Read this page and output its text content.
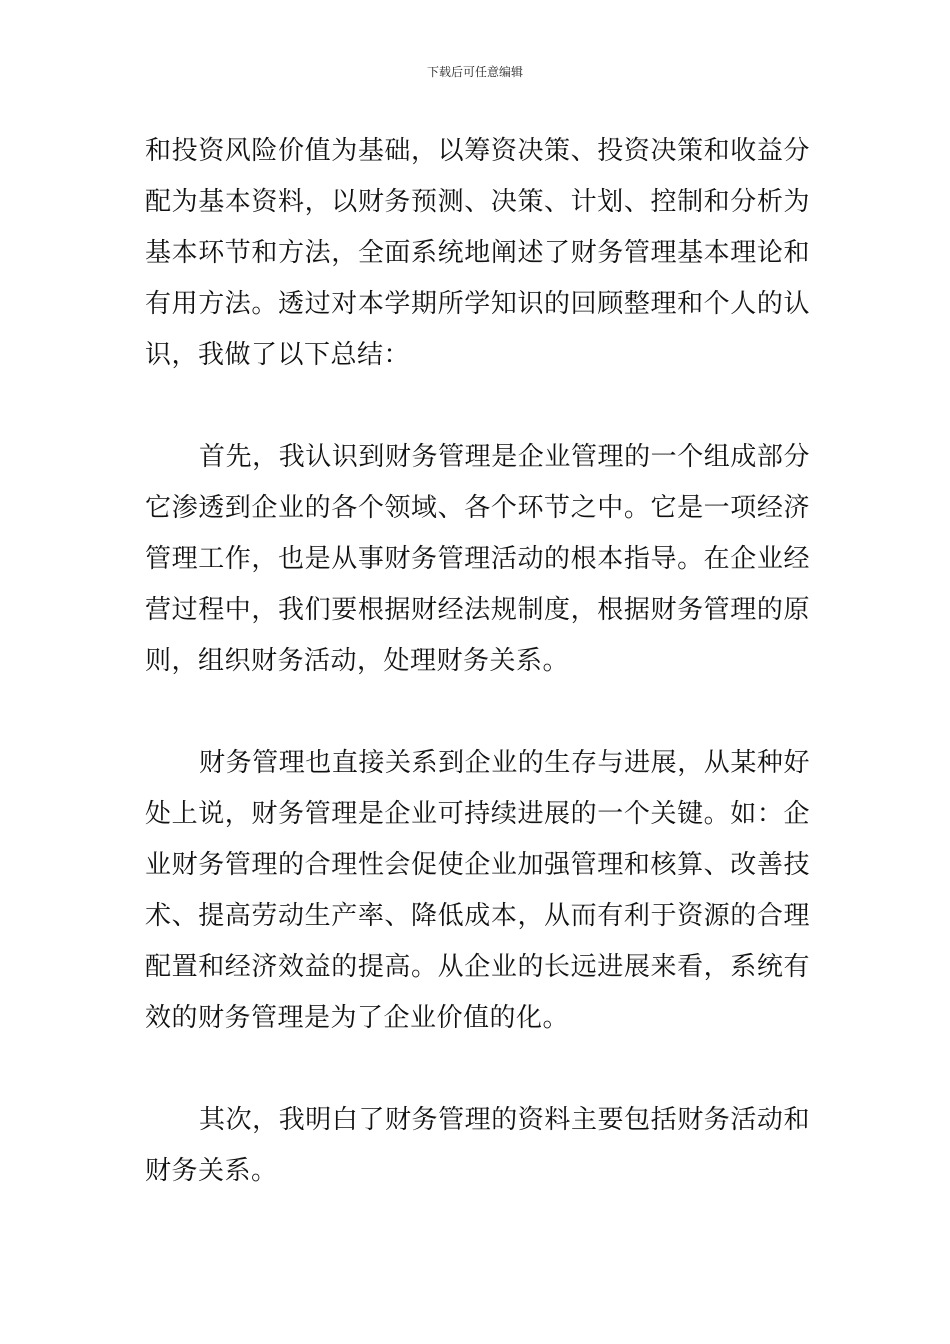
下载后可任意编辑

和投资风险价值为基础，以筹资决策、投资决策和收益分配为基本资料，以财务预测、决策、计划、控制和分析为基本环节和方法，全面系统地阐述了财务管理基本理论和有用方法。透过对本学期所学知识的回顾整理和个人的认识，我做了以下总结：

首先，我认识到财务管理是企业管理的一个组成部分它渗透到企业的各个领域、各个环节之中。它是一项经济管理工作，也是从事财务管理活动的根本指导。在企业经营过程中，我们要根据财经法规制度，根据财务管理的原则，组织财务活动，处理财务关系。

财务管理也直接关系到企业的生存与进展，从某种好处上说，财务管理是企业可持续进展的一个关键。如：企业财务管理的合理性会促使企业加强管理和核算、改善技术、提高劳动生产率、降低成本，从而有利于资源的合理配置和经济效益的提高。从企业的长远进展来看，系统有效的财务管理是为了企业价值的化。

其次，我明白了财务管理的资料主要包括财务活动和财务关系。
